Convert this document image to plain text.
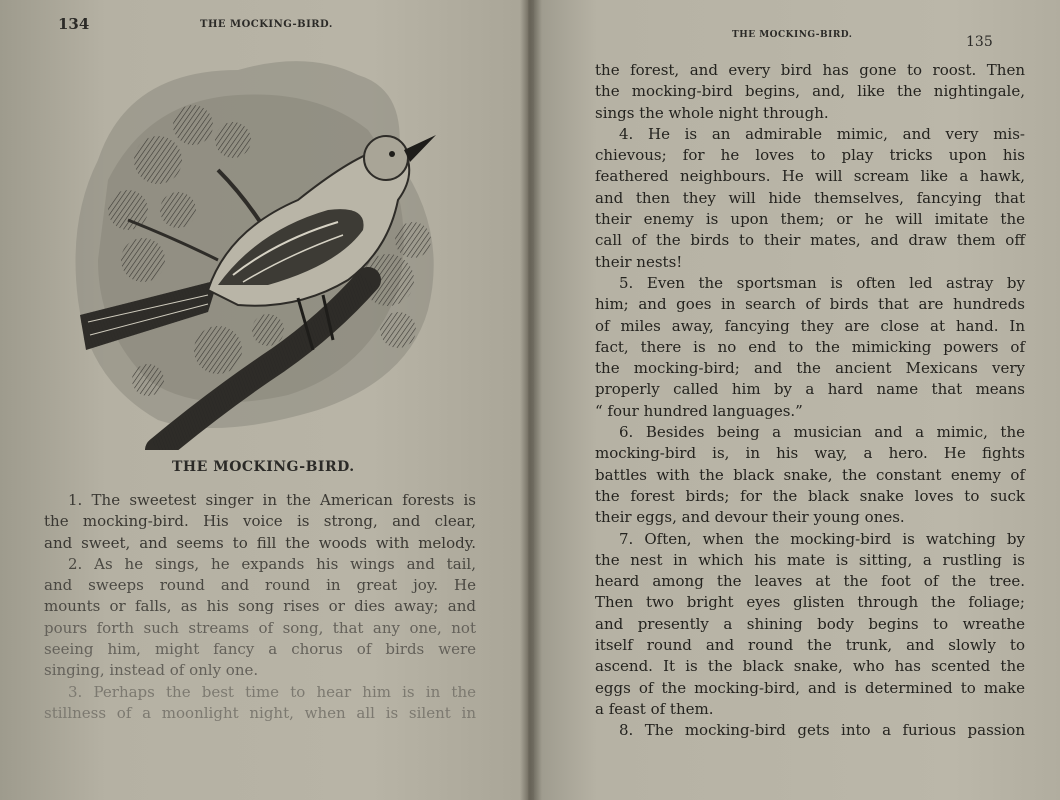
134	THE MOCKING-BIRD.
THE MOCKING-BIRD.
1. The sweetest singer in the American forests is
the mocking-bird. His voice is strong, and clear,
and sweet, and seems to fill the woods with melody.
2. As he sings, he expands his wings and tail,
and sweeps round and round in great joy. He
mounts or falls, as his song rises or dies away; and
pours forth such streams of song, that any one, not
seeing him, might fancy a chorus of birds were
singing, instead of only one.
3. Perhaps the best time to hear him is in the
stillness of a moonlight night, when all is silent in
THE MOCKING-BIRD.	135
the forest, and every bird has gone to roost. Then
the mocking-bird begins, and, like the nightingale,
sings the whole night through.
4. He is an admirable mimic, and very mis-
chievous; for he loves to play tricks upon his
feathered neighbours. He will scream like a hawk,
and then they will hide themselves, fancying that
their enemy is upon them; or he will imitate the
call of the birds to their mates, and draw them off
their nests!
5. Even the sportsman is often led astray by
him; and goes in search of birds that are hundreds
of miles away, fancying they are close at hand. In
fact, there is no end to the mimicking powers of
the mocking-bird; and the ancient Mexicans very
properly called him by a hard name that means
“ four hundred languages.”
6. Besides being a musician and a mimic, the
mocking-bird is, in his way, a hero. He fights
battles with the black snake, the constant enemy of
the forest birds; for the black snake loves to suck
their eggs, and devour their young ones.
7. Often, when the mocking-bird is watching by
the nest in which his mate is sitting, a rustling is
heard among the leaves at the foot of the tree.
Then two bright eyes glisten through the foliage;
and presently a shining body begins to wreathe
itself round and round the trunk, and slowly to
ascend. It is the black snake, who has scented the
eggs of the mocking-bird, and is determined to make
a feast of them.
8. The mocking-bird gets into a furious passion
